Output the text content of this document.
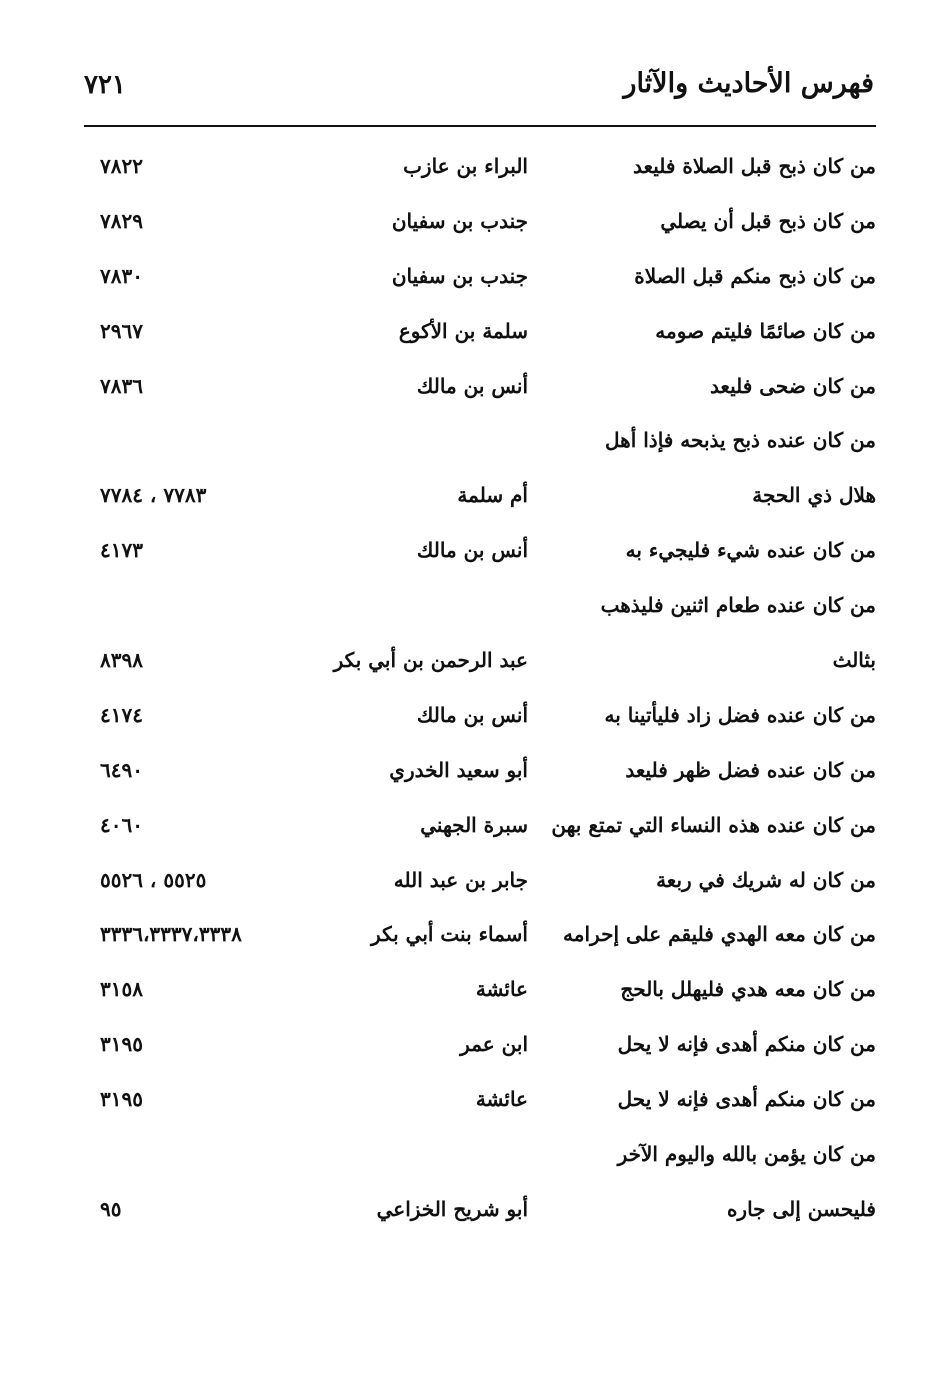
فهرس الأحاديث والآثار
٧٢١
من كان ذبح قبل الصلاة فليعد
البراء بن عازب
٧٨٢٢
من كان ذبح قبل أن يصلي
جندب بن سفيان
٧٨٢٩
من كان ذبح منكم قبل الصلاة
جندب بن سفيان
٧٨٣٠
من كان صائمًا فليتم صومه
سلمة بن الأكوع
٢٩٦٧
من كان ضحى فليعد
أنس بن مالك
٧٨٣٦
من كان عنده ذبح يذبحه فإذا أهل
هلال ذي الحجة
أم سلمة
٧٧٨٣ ، ٧٧٨٤
من كان عنده شيء فليجيء به
أنس بن مالك
٤١٧٣
من كان عنده طعام اثنين فليذهب
بثالث
عبد الرحمن بن أبي بكر
٨٣٩٨
من كان عنده فضل زاد فليأتينا به
أنس بن مالك
٤١٧٤
من كان عنده فضل ظهر فليعد
أبو سعيد الخدري
٦٤٩٠
من كان عنده هذه النساء التي تمتع بهن
سبرة الجهني
٤٠٦٠
من كان له شريك في ربعة
جابر بن عبد الله
٥٥٢٥ ، ٥٥٢٦
من كان معه الهدي فليقم على إحرامه
أسماء بنت أبي بكر
٣٣٣٦،٣٣٣٧،٣٣٣٨
من كان معه هدي فليهلل بالحج
عائشة
٣١٥٨
من كان منكم أهدى فإنه لا يحل
ابن عمر
٣١٩٥
من كان منكم أهدى فإنه لا يحل
عائشة
٣١٩٥
من كان يؤمن بالله واليوم الآخر
فليحسن إلى جاره
أبو شريح الخزاعي
٩٥
